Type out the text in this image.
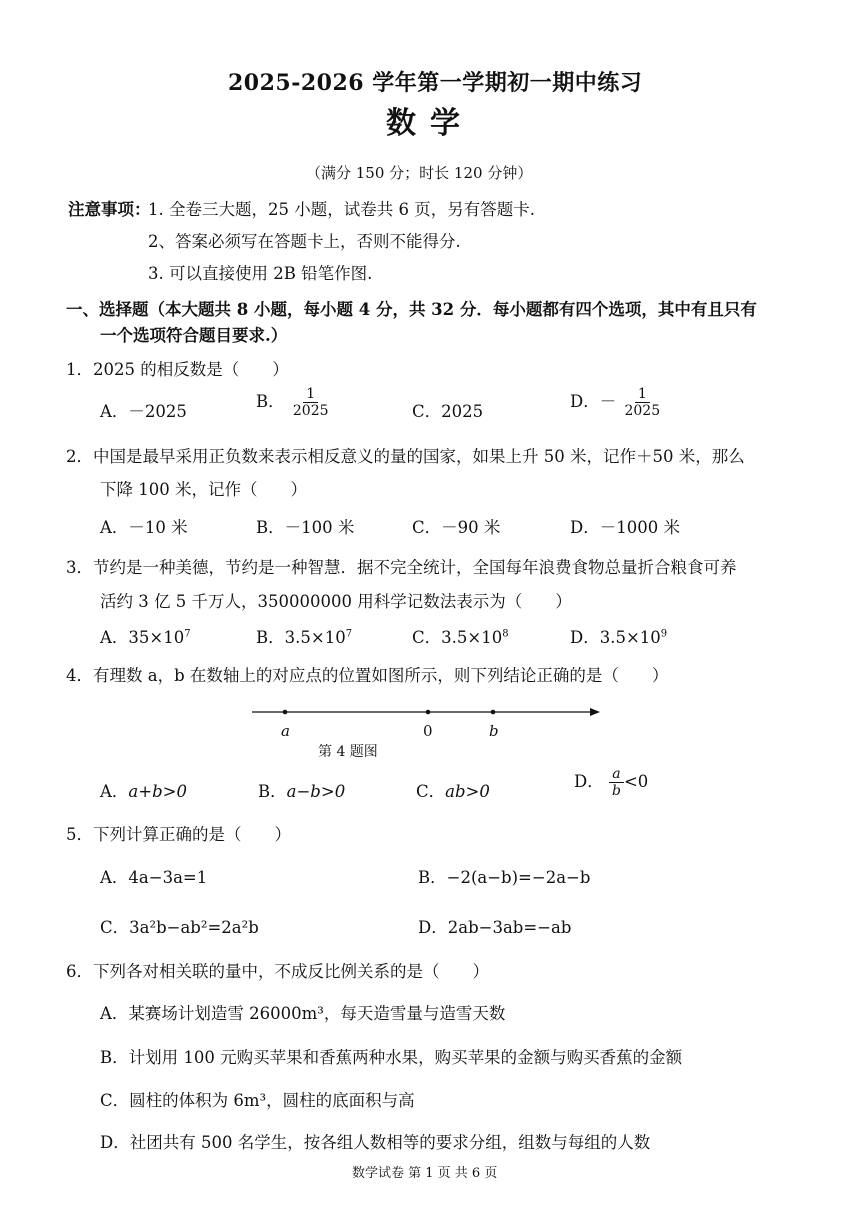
2025-2026 学年第一学期初一期中练习
数学
（满分 150 分；时长 120 分钟）
注意事项：
1. 全卷三大题，25 小题，试卷共 6 页，另有答题卡.
2、答案必须写在答题卡上，否则不能得分.
3. 可以直接使用 2B 铅笔作图.
一、选择题（本大题共 8 小题，每小题 4 分，共 32 分．每小题都有四个选项，其中有且只有
一个选项符合题目要求.）
1．2025 的相反数是（　　）
A．－2025
B． $\frac{1}{2025}$	C．2025
D．－ $\frac{1}{2025}$
2．中国是最早采用正负数来表示相反意义的量的国家，如果上升 50 米，记作＋50 米，那么
下降 100 米，记作（　　）
A．－10 米	B．－100 米	C．－90 米	D．－1000 米
3．节约是一种美德，节约是一种智慧．据不完全统计，全国每年浪费食物总量折合粮食可养
活约 3 亿 5 千万人，350000000 用科学记数法表示为（　　）
A．$35\times 10^7$	B．$3.5\times 10^7$	C．$3.5\times 10^8$	D．$3.5\times 10^9$
4．有理数 a，b 在数轴上的对应点的位置如图所示，则下列结论正确的是（　　）
a	0	b
第 4 题图
A．a+b>0	B．a−b>0	C．ab>0
D． $\frac{a}{b} <0$
5．下列计算正确的是（　　）
A．4a−3a=1	B．−2(a−b)=−2a−b
C．3a²b−ab²=2a²b	D．2ab−3ab=−ab
6．下列各对相关联的量中，不成反比例关系的是（　　）
A．某赛场计划造雪 26000m³，每天造雪量与造雪天数
B．计划用 100 元购买苹果和香蕉两种水果，购买苹果的金额与购买香蕉的金额
C．圆柱的体积为 6m³，圆柱的底面积与高
D．社团共有 500 名学生，按各组人数相等的要求分组，组数与每组的人数
数学试卷 第 1 页 共 6 页
